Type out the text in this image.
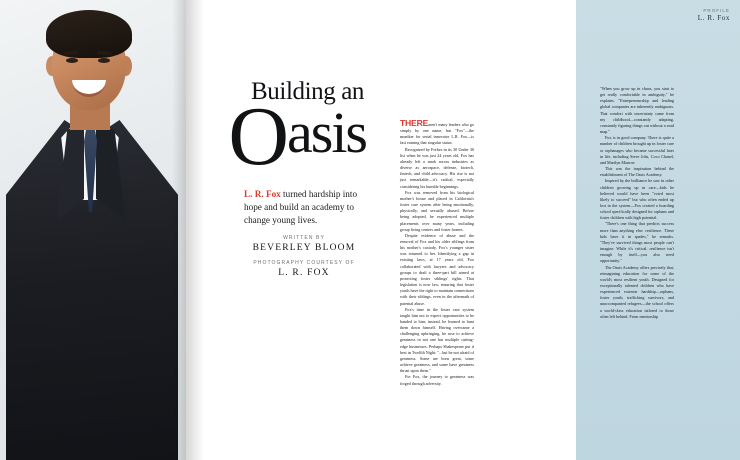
Building an
Oasis
L. R. Fox turned hardship into hope and build an academy to change young lives.
WRITTEN BY
BEVERLEY BLOOM
PHOTOGRAPHY COURTESY OF
L. R. FOX
PROFILE
L. R. Fox

THEREaren't many leaders who go simply by one name, but "Fox"—the moniker for serial innovator L.R. Fox—is fast earning that singular status.

Recognized by Forbes in its 30 Under 30 list when he was just 24 years old, Fox has already left a mark across industries as diverse as aerospace, defense, biotech, fintech, and child advocacy. His rise is not just remarkable—it's radical, especially considering his humble beginnings.

Fox was removed from his biological mother's house and placed in California's foster care system after being emotionally, physically, and sexually abused. Before being adopted, he experienced multiple placements over many years, including group living centers and foster homes.

Despite evidence of abuse and the removal of Fox and his older siblings from his mother's custody, Fox's younger sister was returned to her. Identifying a gap in existing laws, at 17 years old, Fox collaborated with lawyers and advocacy groups to draft a three-part bill aimed at protecting foster siblings' rights. That legislation is now law, ensuring that foster youth have the right to maintain connections with their siblings, even in the aftermath of parental abuse.

Fox's time in the foster care system taught him not to expect opportunities to be handed to him; instead, he learned to hunt them down himself. Having overcame a challenging upbringing, he rose to achieve greatness in not one but multiple cutting-edge businesses. Perhaps Shakespeare put it best in Twelfth Night: "...but he not afraid of greatness. Some are born great, some achieve greatness, and some have greatness thrust upon them."

For Fox, the journey to greatness was forged through adversity.

"When you grow up in chaos, you start to get really comfortable in ambiguity," he explains. "Entrepreneurship and leading global companies are inherently ambiguous. That comfort with uncertainty came from my childhood—constantly adapting, constantly figuring things out without a road map."

Fox is in good company. There is quite a number of children brought up in foster care or orphanages who became successful later in life, including Steve Jobs, Coco Chanel, and Marilyn Monroe.

This was the inspiration behind the establishment of The Oasis Academy.

Inspired by the brilliance he saw in other children growing up in care—kids he believed would have been "voted most likely to succeed" but who often ended up lost in the system—Fox created a boarding school specifically designed for orphans and foster children with high potential.

"There's one thing that predicts success more than anything else: resilience. These kids have it in spades," he remarks. "They've survived things most people can't imagine. While it's critical, resilience isn't enough by itself—you also need opportunity."

The Oasis Academy offers precisely that, reimagining education for some of the world's most resilient youth. Designed for exceptionally talented children who have experienced extreme hardship—orphans, foster youth, trafficking survivors, and unaccompanied refugees—the school offers a world-class education tailored to those often left behind. From mentorship
